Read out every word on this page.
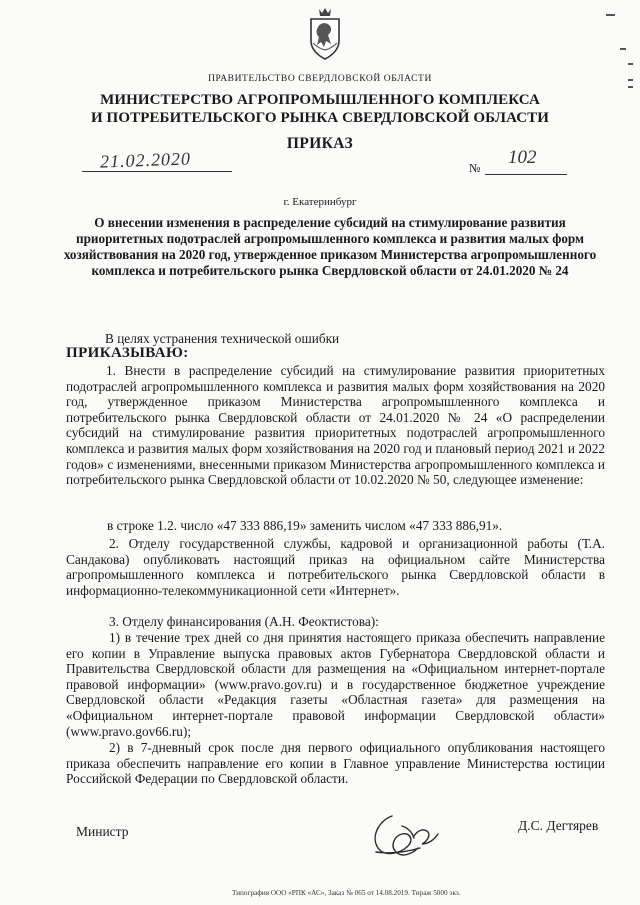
ПРАВИТЕЛЬСТВО СВЕРДЛОВСКОЙ ОБЛАСТИ
МИНИСТЕРСТВО АГРОПРОМЫШЛЕННОГО КОМПЛЕКСА
И ПОТРЕБИТЕЛЬСКОГО РЫНКА СВЕРДЛОВСКОЙ ОБЛАСТИ
ПРИКАЗ
21.02.2020	№ 102
г. Екатеринбург
О внесении изменения в распределение субсидий на стимулирование развития приоритетных подотраслей агропромышленного комплекса и развития малых форм хозяйствования на 2020 год, утвержденное приказом Министерства агропромышленного комплекса и потребительского рынка Свердловской области от 24.01.2020 № 24
В целях устранения технической ошибки
ПРИКАЗЫВАЮ:
1. Внести в распределение субсидий на стимулирование развития приоритетных подотраслей агропромышленного комплекса и развития малых форм хозяйствования на 2020 год, утвержденное приказом Министерства агропромышленного комплекса и потребительского рынка Свердловской области от 24.01.2020 № 24 «О распределении субсидий на стимулирование развития приоритетных подотраслей агропромышленного комплекса и развития малых форм хозяйствования на 2020 год и плановый период 2021 и 2022 годов» с изменениями, внесенными приказом Министерства агропромышленного комплекса и потребительского рынка Свердловской области от 10.02.2020 № 50, следующее изменение:
в строке 1.2. число «47 333 886,19» заменить числом «47 333 886,91».
2. Отделу государственной службы, кадровой и организационной работы (Т.А. Сандакова) опубликовать настоящий приказ на официальном сайте Министерства агропромышленного комплекса и потребительского рынка Свердловской области в информационно-телекоммуникационной сети «Интернет».
3. Отделу финансирования (А.Н. Феоктистова):
1) в течение трех дней со дня принятия настоящего приказа обеспечить направление его копии в Управление выпуска правовых актов Губернатора Свердловской области и Правительства Свердловской области для размещения на «Официальном интернет-портале правовой информации» (www.pravo.gov.ru) и в государственное бюджетное учреждение Свердловской области «Редакция газеты «Областная газета» для размещения на «Официальном интернет-портале правовой информации Свердловской области» (www.pravo.gov66.ru);
2) в 7-дневный срок после дня первого официального опубликования настоящего приказа обеспечить направление его копии в Главное управление Министерства юстиции Российской Федерации по Свердловской области.
Министр	Д.С. Дегтярев
Типография ООО «РПК «АС», Заказ № 065 от 14.08.2019. Тираж 5000 экз.
